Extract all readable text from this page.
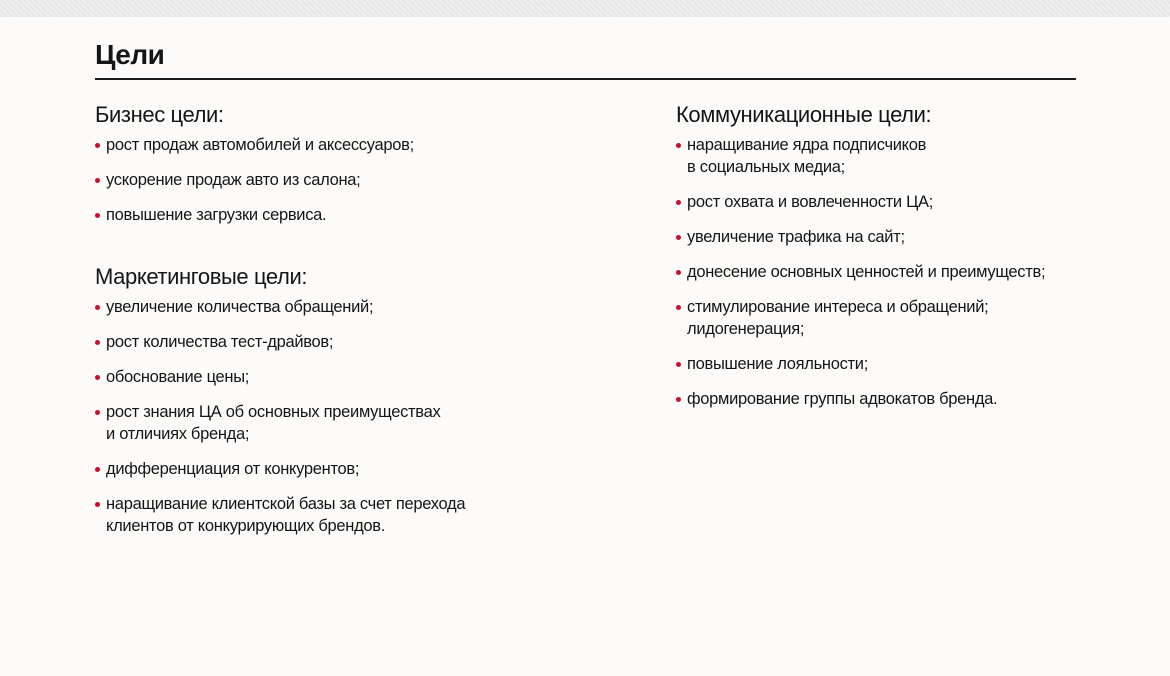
Цели
Бизнес цели:
рост продаж автомобилей и аксессуаров;
ускорение продаж авто из салона;
повышение загрузки сервиса.
Маркетинговые цели:
увеличение количества обращений;
рост количества тест-драйвов;
обоснование цены;
рост знания ЦА об основных преимуществах
и отличиях бренда;
дифференциация от конкурентов;
наращивание клиентской базы за счет перехода
клиентов от конкурирующих брендов.
Коммуникационные цели:
наращивание ядра подписчиков
в социальных медиа;
рост охвата и вовлеченности ЦА;
увеличение трафика на сайт;
донесение основных ценностей и преимуществ;
стимулирование интереса и обращений;
лидогенерация;
повышение лояльности;
формирование группы адвокатов бренда.
